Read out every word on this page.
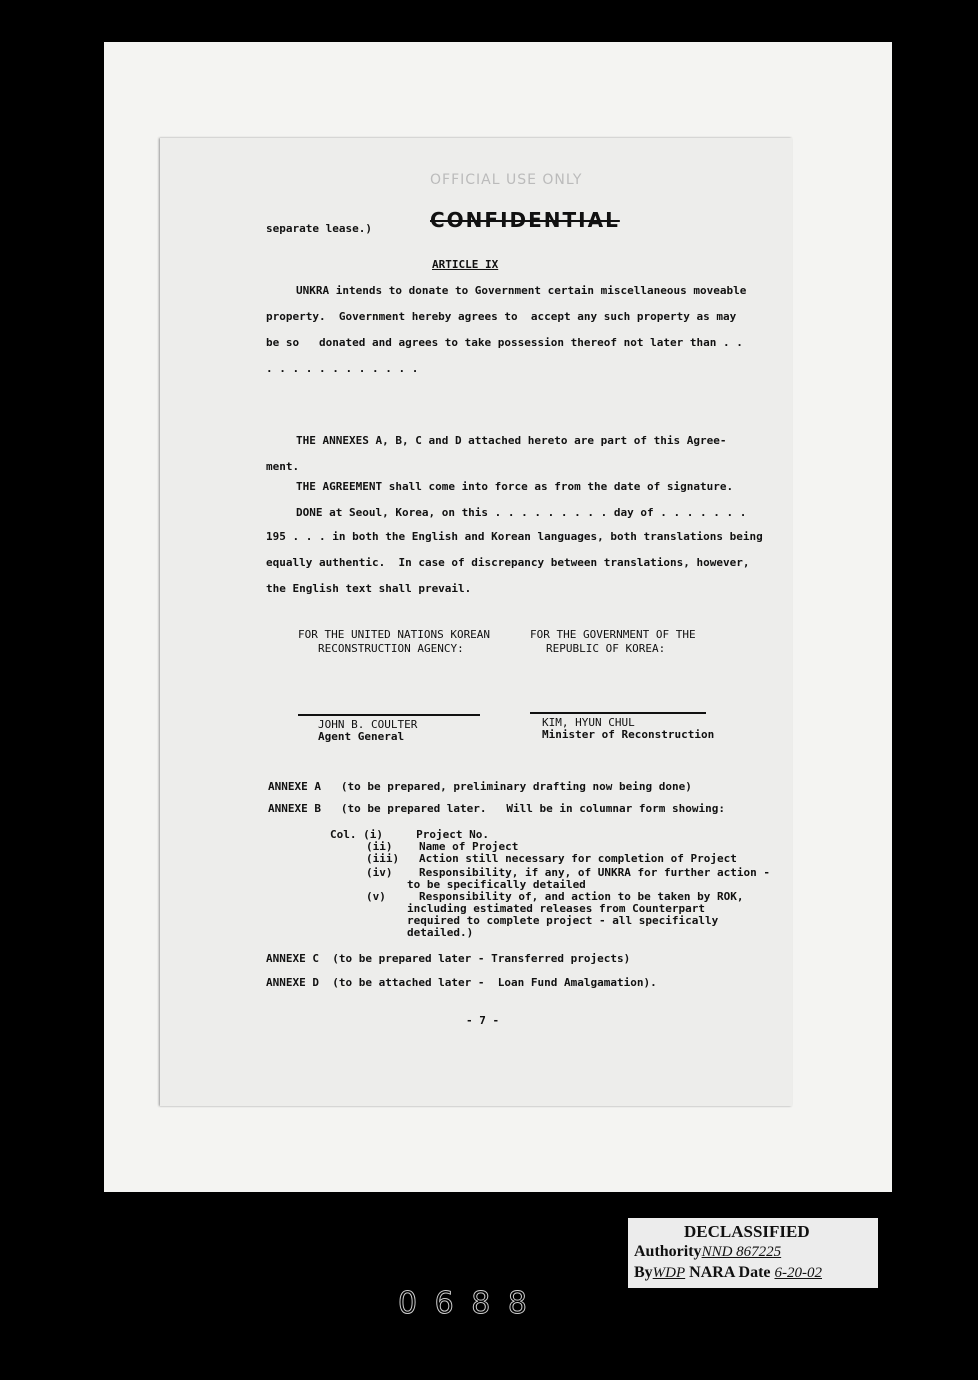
OFFICIAL USE ONLY
CONFIDENTIAL
separate lease.)
ARTICLE IX
UNKRA intends to donate to Government certain miscellaneous moveable
property.  Government hereby agrees to  accept any such property as may
be so   donated and agrees to take possession thereof not later than . .
. . . . . . . . . . . .
THE ANNEXES A, B, C and D attached hereto are part of this Agree-
ment.
THE AGREEMENT shall come into force as from the date of signature.
DONE at Seoul, Korea, on this . . . . . . . . . day of . . . . . . .
195 . . . in both the English and Korean languages, both translations being
equally authentic.  In case of discrepancy between translations, however,
the English text shall prevail.
FOR THE UNITED NATIONS KOREAN
RECONSTRUCTION AGENCY:
FOR THE GOVERNMENT OF THE
REPUBLIC OF KOREA:
JOHN B. COULTER
Agent General
KIM, HYUN CHUL
Minister of Reconstruction
ANNEXE A   (to be prepared, preliminary drafting now being done)
ANNEXE B   (to be prepared later.   Will be in columnar form showing:
Col. (i)     Project No.
(ii)    Name of Project
(iii)   Action still necessary for completion of Project
(iv)    Responsibility, if any, of UNKRA for further action -
to be specifically detailed
(v)     Responsibility of, and action to be taken by ROK,
including estimated releases from Counterpart
required to complete project - all specifically
detailed.)
ANNEXE C  (to be prepared later - Transferred projects)
ANNEXE D  (to be attached later -  Loan Fund Amalgamation).
- 7 -
DECLASSIFIED
AuthorityNND 867225
ByWDP NARA Date 6-20-02
0 6 8 8
